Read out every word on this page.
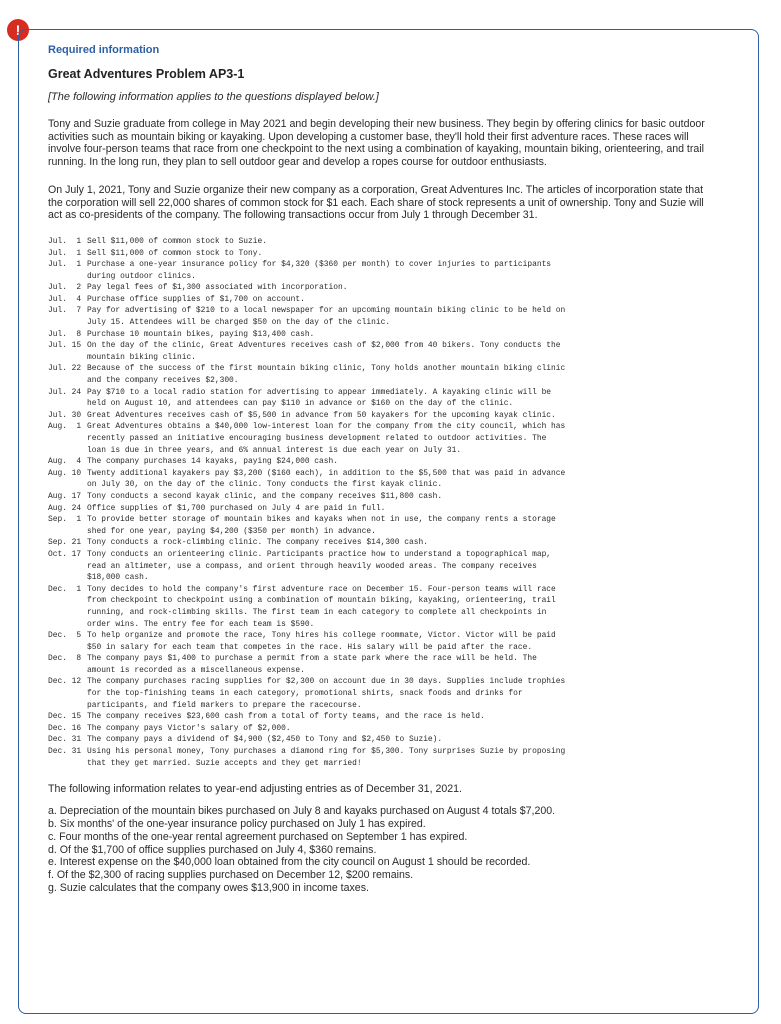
!

Required information

Great Adventures Problem AP3-1

[The following information applies to the questions displayed below.]

Tony and Suzie graduate from college in May 2021 and begin developing their new business. They begin by offering clinics for basic outdoor activities such as mountain biking or kayaking. Upon developing a customer base, they'll hold their first adventure races. These races will involve four-person teams that race from one checkpoint to the next using a combination of kayaking, mountain biking, orienteering, and trail running. In the long run, they plan to sell outdoor gear and develop a ropes course for outdoor enthusiasts.

On July 1, 2021, Tony and Suzie organize their new company as a corporation, Great Adventures Inc. The articles of incorporation state that the corporation will sell 22,000 shares of common stock for $1 each. Each share of stock represents a unit of ownership. Tony and Suzie will act as co-presidents of the company. The following transactions occur from July 1 through December 31.

Jul.  1 Sell $11,000 of common stock to Suzie.
Jul.  1 Sell $11,000 of common stock to Tony.
Jul.  1 Purchase a one-year insurance policy for $4,320 ($360 per month) to cover injuries to participants
during outdoor clinics.
Jul.  2 Pay legal fees of $1,300 associated with incorporation.
Jul.  4 Purchase office supplies of $1,700 on account.
Jul.  7 Pay for advertising of $210 to a local newspaper for an upcoming mountain biking clinic to be held on
July 15. Attendees will be charged $50 on the day of the clinic.
Jul.  8 Purchase 10 mountain bikes, paying $13,400 cash.
Jul. 15 On the day of the clinic, Great Adventures receives cash of $2,000 from 40 bikers. Tony conducts the
mountain biking clinic.
Jul. 22 Because of the success of the first mountain biking clinic, Tony holds another mountain biking clinic
and the company receives $2,300.
Jul. 24 Pay $710 to a local radio station for advertising to appear immediately. A kayaking clinic will be
held on August 10, and attendees can pay $110 in advance or $160 on the day of the clinic.
Jul. 30 Great Adventures receives cash of $5,500 in advance from 50 kayakers for the upcoming kayak clinic.
Aug.  1 Great Adventures obtains a $40,000 low-interest loan for the company from the city council, which has
recently passed an initiative encouraging business development related to outdoor activities. The
loan is due in three years, and 6% annual interest is due each year on July 31.
Aug.  4 The company purchases 14 kayaks, paying $24,000 cash.
Aug. 10 Twenty additional kayakers pay $3,200 ($160 each), in addition to the $5,500 that was paid in advance
on July 30, on the day of the clinic. Tony conducts the first kayak clinic.
Aug. 17 Tony conducts a second kayak clinic, and the company receives $11,800 cash.
Aug. 24 Office supplies of $1,700 purchased on July 4 are paid in full.
Sep.  1 To provide better storage of mountain bikes and kayaks when not in use, the company rents a storage
shed for one year, paying $4,200 ($350 per month) in advance.
Sep. 21 Tony conducts a rock-climbing clinic. The company receives $14,300 cash.
Oct. 17 Tony conducts an orienteering clinic. Participants practice how to understand a topographical map,
read an altimeter, use a compass, and orient through heavily wooded areas. The company receives
$18,000 cash.
Dec.  1 Tony decides to hold the company's first adventure race on December 15. Four-person teams will race
from checkpoint to checkpoint using a combination of mountain biking, kayaking, orienteering, trail
running, and rock-climbing skills. The first team in each category to complete all checkpoints in
order wins. The entry fee for each team is $590.
Dec.  5 To help organize and promote the race, Tony hires his college roommate, Victor. Victor will be paid
$50 in salary for each team that competes in the race. His salary will be paid after the race.
Dec.  8 The company pays $1,400 to purchase a permit from a state park where the race will be held. The
amount is recorded as a miscellaneous expense.
Dec. 12 The company purchases racing supplies for $2,300 on account due in 30 days. Supplies include trophies
for the top-finishing teams in each category, promotional shirts, snack foods and drinks for
participants, and field markers to prepare the racecourse.
Dec. 15 The company receives $23,600 cash from a total of forty teams, and the race is held.
Dec. 16 The company pays Victor's salary of $2,000.
Dec. 31 The company pays a dividend of $4,900 ($2,450 to Tony and $2,450 to Suzie).
Dec. 31 Using his personal money, Tony purchases a diamond ring for $5,300. Tony surprises Suzie by proposing
that they get married. Suzie accepts and they get married!

The following information relates to year-end adjusting entries as of December 31, 2021.

a. Depreciation of the mountain bikes purchased on July 8 and kayaks purchased on August 4 totals $7,200.
b. Six months' of the one-year insurance policy purchased on July 1 has expired.
c. Four months of the one-year rental agreement purchased on September 1 has expired.
d. Of the $1,700 of office supplies purchased on July 4, $360 remains.
e. Interest expense on the $40,000 loan obtained from the city council on August 1 should be recorded.
f. Of the $2,300 of racing supplies purchased on December 12, $200 remains.
g. Suzie calculates that the company owes $13,900 in income taxes.
